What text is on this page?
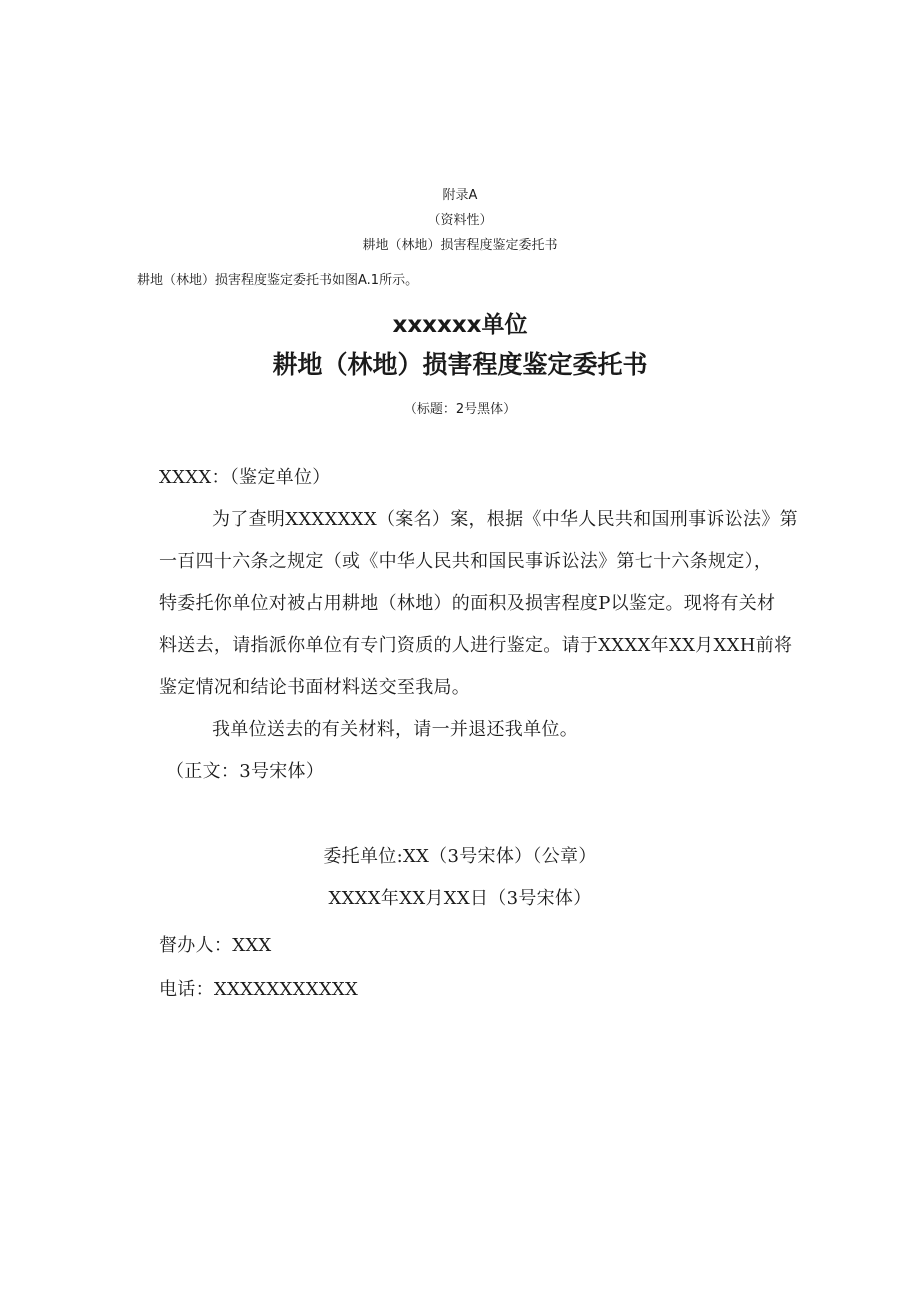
附录A
（资料性）
耕地（林地）损害程度鉴定委托书
耕地（林地）损害程度鉴定委托书如图A.1所示。
xxxxxx单位
耕地（林地）损害程度鉴定委托书
（标题：2号黑体）
XXXX：（鉴定单位）
为了查明XXXXXXX（案名）案，根据《中华人民共和国刑事诉讼法》第
一百四十六条之规定（或《中华人民共和国民事诉讼法》第七十六条规定），
特委托你单位对被占用耕地（林地）的面积及损害程度P以鉴定。现将有关材
料送去，请指派你单位有专门资质的人进行鉴定。请于XXXX年XX月XXH前将
鉴定情况和结论书面材料送交至我局。
我单位送去的有关材料，请一并退还我单位。
（正文：3号宋体）
委托单位:XX（3号宋体）（公章）
XXXX年XX月XX日（3号宋体）
督办人：XXX
电话：XXXXXXXXXXX
